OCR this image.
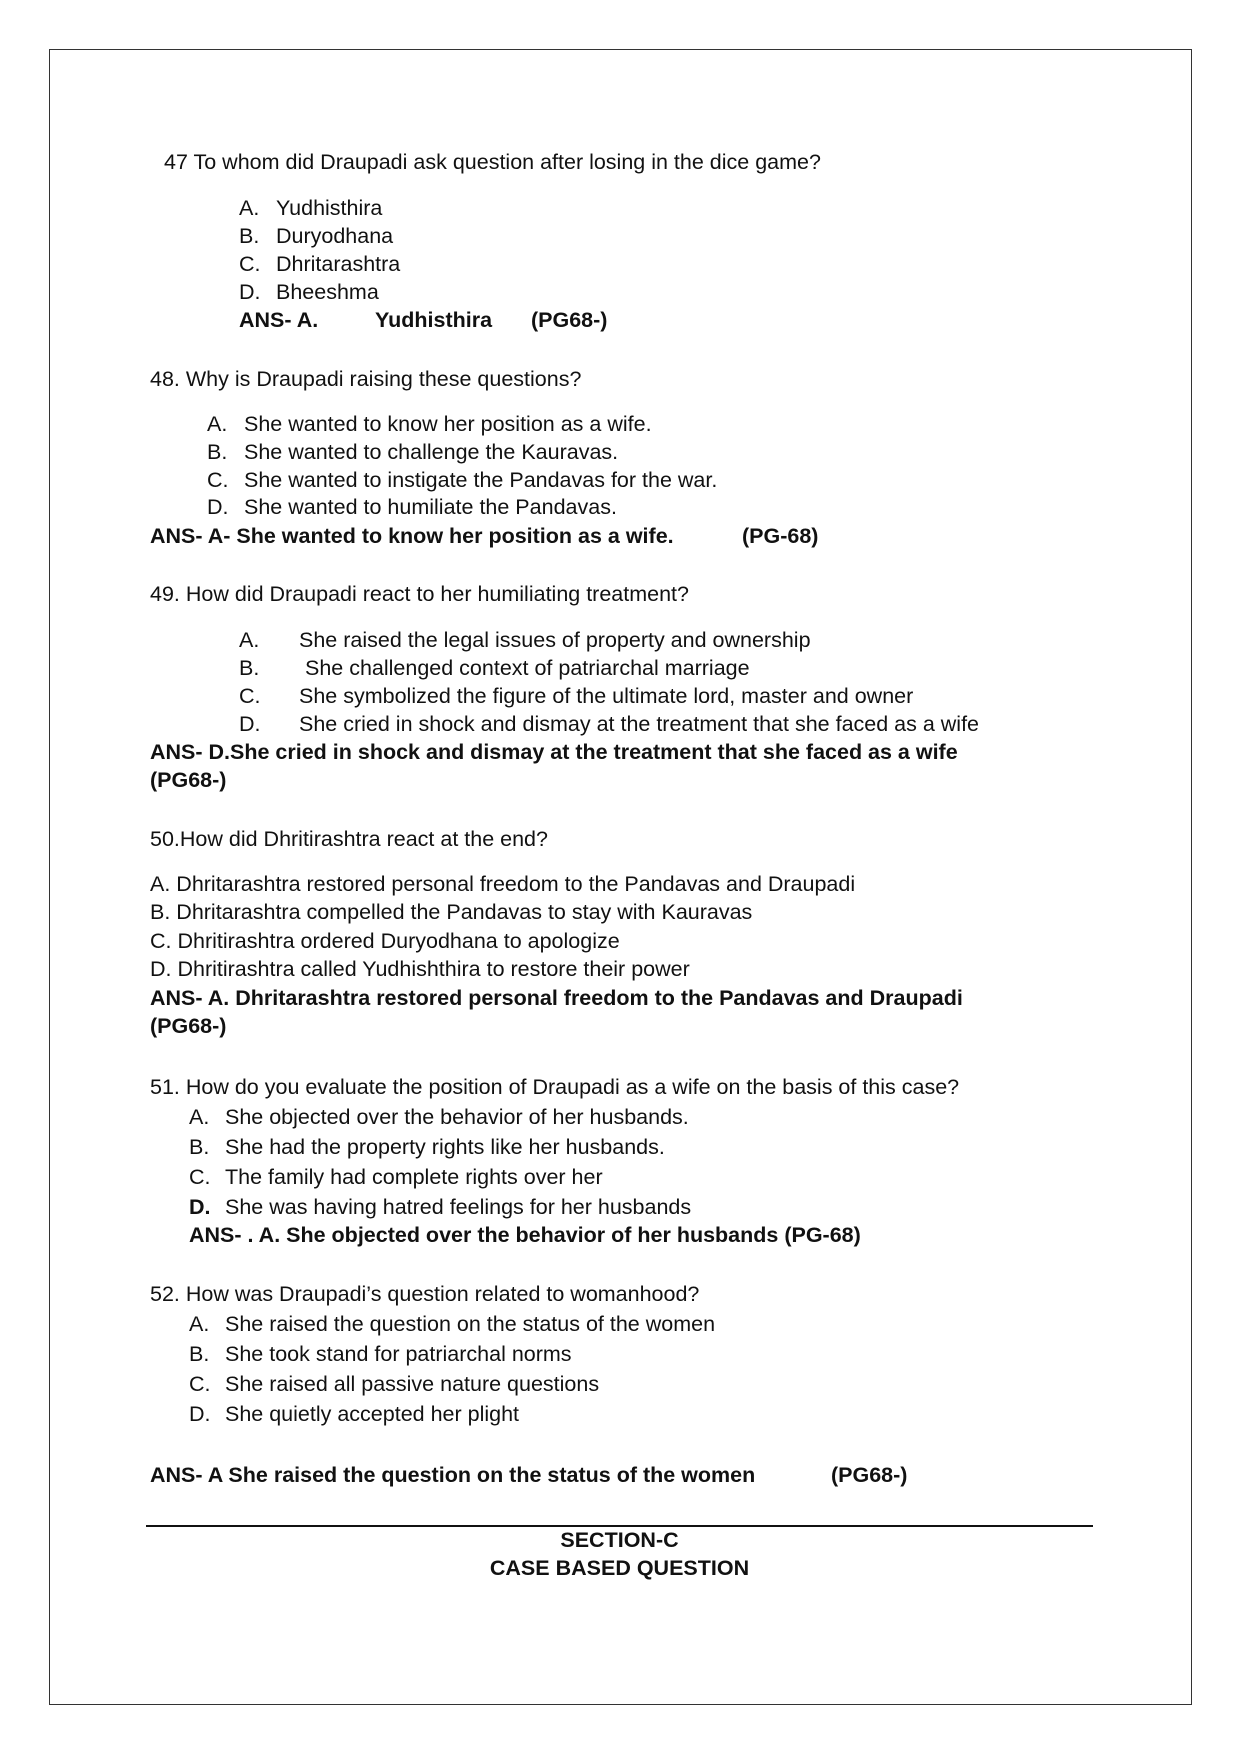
47 To whom did Draupadi ask question after losing in the dice game?
A. Yudhisthira
B. Duryodhana
C. Dhritarashtra
D. Bheeshma
ANS- A.	Yudhisthira (PG68-)
48. Why is Draupadi raising these questions?
A. She wanted to know her position as a wife.
B. She wanted to challenge the Kauravas.
C. She wanted to instigate the Pandavas for the war.
D. She wanted to humiliate the Pandavas.
ANS- A- She wanted to know her position as a wife.	(PG-68)
49. How did Draupadi react to her humiliating treatment?
A. She raised the legal issues of property and ownership
B. She challenged context of patriarchal marriage
C. She symbolized the figure of the ultimate lord, master and owner
D. She cried in shock and dismay at the treatment that she faced as a wife
ANS- D.She cried in shock and dismay at the treatment that she faced as a wife
(PG68-)
50.How did Dhritirashtra react at the end?
A. Dhritarashtra restored personal freedom to the Pandavas and Draupadi
B. Dhritarashtra compelled the Pandavas to stay with Kauravas
C. Dhritirashtra ordered Duryodhana to apologize
D. Dhritirashtra called Yudhishthira to restore their power
ANS- A. Dhritarashtra restored personal freedom to the Pandavas and Draupadi
(PG68-)
51. How do you evaluate the position of Draupadi as a wife on the basis of this case?
A. She objected over the behavior of her husbands.
B. She had the property rights like her husbands.
C. The family had complete rights over her
D. She was having hatred feelings for her husbands
ANS- . A. She objected over the behavior of her husbands (PG-68)
52. How was Draupadi’s question related to womanhood?
A. She raised the question on the status of the women
B. She took stand for patriarchal norms
C. She raised all passive nature questions
D. She quietly accepted her plight
ANS- A She raised the question on the status of the women	(PG68-)
SECTION-C
CASE BASED QUESTION
